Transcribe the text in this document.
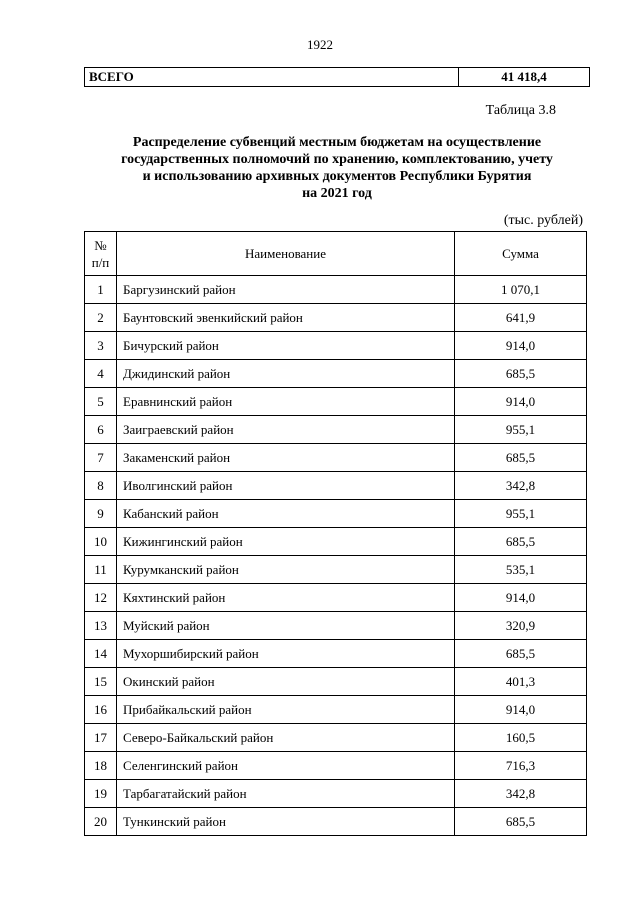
1922
ВСЕГО	41 418,4
Таблица 3.8
Распределение субвенций местным бюджетам на осуществление
государственных полномочий по хранению, комплектованию, учету
и использованию архивных документов Республики Бурятия
на 2021 год
(тыс. рублей)
№
п/п	Наименование	Сумма
1	Баргузинский район	1 070,1
2	Баунтовский эвенкийский район	641,9
3	Бичурский район	914,0
4	Джидинский район	685,5
5	Еравнинский район	914,0
6	Заиграевский район	955,1
7	Закаменский район	685,5
8	Иволгинский район	342,8
9	Кабанский район	955,1
10	Кижингинский район	685,5
11	Курумканский район	535,1
12	Кяхтинский район	914,0
13	Муйский район	320,9
14	Мухоршибирский район	685,5
15	Окинский район	401,3
16	Прибайкальский район	914,0
17	Северо-Байкальский район	160,5
18	Селенгинский район	716,3
19	Тарбагатайский район	342,8
20	Тункинский район	685,5
